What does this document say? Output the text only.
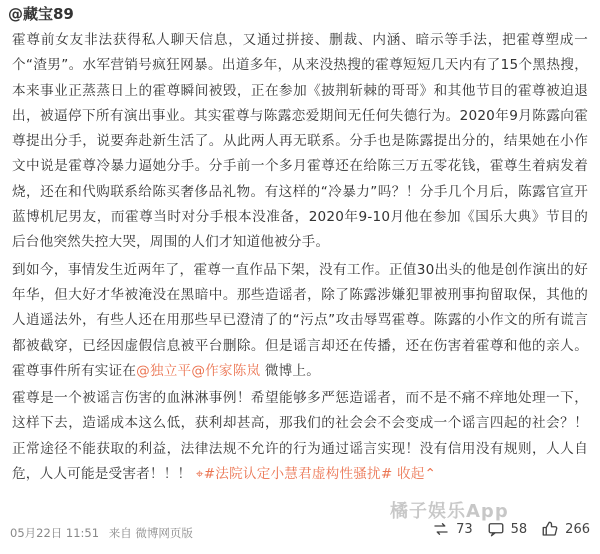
@藏宝89

霍尊前女友非法获得私人聊天信息，又通过拼接、删裁、内涵、暗示等手法，把霍尊塑成一个“渣男”。水军营销号疯狂网暴。出道多年，从来没热搜的霍尊短短几天内有了15个黑热搜，本来事业正蒸蒸日上的霍尊瞬间被毁，正在参加《披荆斩棘的哥哥》和其他节目的霍尊被迫退出，被逼停下所有演出事业。其实霍尊与陈露恋爱期间无任何失德行为。2020年9月陈露向霍尊提出分手，说要奔赴新生活了。从此两人再无联系。分手也是陈露提出分的，结果她在小作文中说是霍尊冷暴力逼她分手。分手前一个多月霍尊还在给陈三万五零花钱，霍尊生着病发着烧，还在和代购联系给陈买奢侈品礼物。有这样的“冷暴力”吗？！分手几个月后，陈露官宣开蓝博机尼男友，而霍尊当时对分手根本没准备，2020年9-10月他在参加《国乐大典》节目的后台他突然失控大哭，周围的人们才知道他被分手。

到如今，事情发生近两年了，霍尊一直作品下架，没有工作。正值30出头的他是创作演出的好年华，但大好才华被淹没在黑暗中。那些造谣者，除了陈露涉嫌犯罪被刑事拘留取保，其他的人逍遥法外，有些人还在用那些早已澄清了的“污点”攻击辱骂霍尊。陈露的小作文的所有谎言都被截穿，已经因虚假信息被平台删除。但是谣言却还在传播，还在伤害着霍尊和他的亲人。霍尊事件所有实证在@独立平@作家陈岚 微博上。

霍尊是一个被谣言伤害的血淋淋事例！希望能够多严惩造谣者，而不是不痛不痒地处理一下，这样下去，造谣成本这么低，获利却甚高，那我们的社会会不会变成一个谣言四起的社会？！正常途径不能获取的利益，法律法规不允许的行为通过谣言实现！没有信用没有规则，人人自危，人人可能是受害者！！！ ⌖#法院认定小慧君虚构性骚扰# 收起⌃

橘子娱乐App
05月22日 11:51 来自 微博网页版	73	58	266
